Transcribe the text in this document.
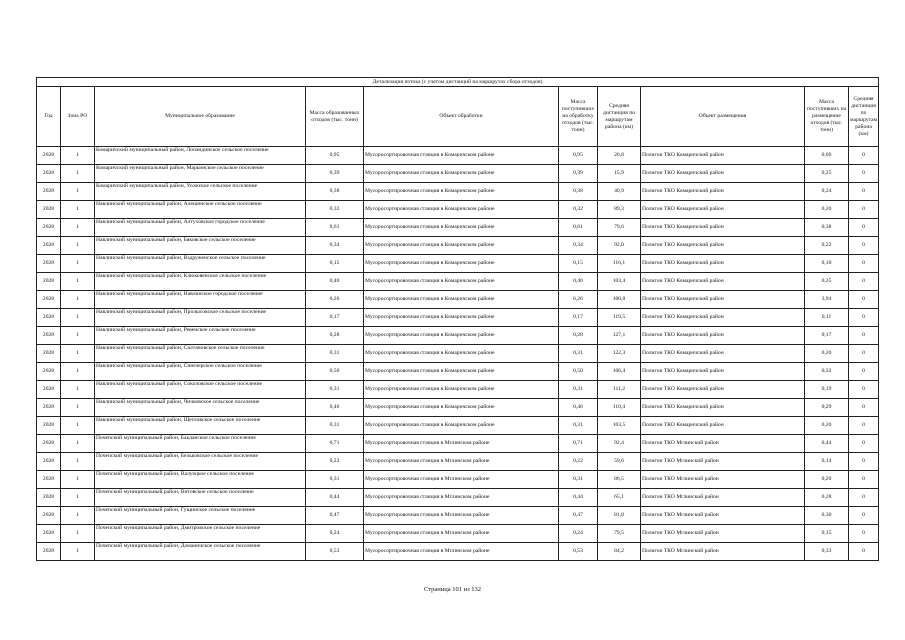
Детализация потока (с учетом дистанций на маршрутах сбора отходов)									
Год	Зона РО	Муниципальное образование	Масса образованных отходов (тыс. тонн)	Объект обработки	Масса поступивших на обработку отходов (тыс. тонн)	Средняя дистанция по маршрутам района (км)	Объект размещения	Масса поступивших на размещение отходов (тыс. тонн)	Средняя дистанция по маршрутам района (км)
2028	1	Комаричский муниципальный район, Лопандинское сельское поселение	0,95	Мусоросортировочная станция в Комаричском районе	0,95	26,8	Полигон ТКО Комаричский район	0,60	0
2028	1	Комаричский муниципальный район, Марьинское сельское поселение	0,39	Мусоросортировочная станция в Комаричском районе	0,39	15,9	Полигон ТКО Комаричский район	0,25	0
2028	1	Комаричский муниципальный район, Усожское сельское поселение	0,38	Мусоросортировочная станция в Комаричском районе	0,38	40,9	Полигон ТКО Комаричский район	0,24	0
2028	1	Навлинский муниципальный район, Алешинское сельское поселение	0,32	Мусоросортировочная станция в Комаричском районе	0,32	89,3	Полигон ТКО Комаричский район	0,20	0
2028	1	Навлинский муниципальный район, Алтуховское городское поселение	0,61	Мусоросортировочная станция в Комаричском районе	0,61	79,6	Полигон ТКО Комаричский район	0,38	0
2028	1	Навлинский муниципальный район, Бяковское сельское поселение	0,34	Мусоросортировочная станция в Комаричском районе	0,34	92,0	Полигон ТКО Комаричский район	0,22	0
2028	1	Навлинский муниципальный район, Вздруженское сельское поселение	0,15	Мусоросортировочная станция в Комаричском районе	0,15	116,1	Полигон ТКО Комаричский район	0,10	0
2028	1	Навлинский муниципальный район, Клюковенское сельское поселение	0,40	Мусоросортировочная станция в Комаричском районе	0,40	103,4	Полигон ТКО Комаричский район	0,25	0
2028	1	Навлинский муниципальный район, Навлинское городское поселение	6,26	Мусоросортировочная станция в Комаричском районе	6,26	100,0	Полигон ТКО Комаричский район	3,94	0
2028	1	Навлинский муниципальный район, Пролысовское сельское поселение	0,17	Мусоросортировочная станция в Комаричском районе	0,17	119,5	Полигон ТКО Комаричский район	0,11	0
2028	1	Навлинский муниципальный район, Ревенское сельское поселение	0,28	Мусоросортировочная станция в Комаричском районе	0,28	127,1	Полигон ТКО Комаричский район	0,17	0
2028	1	Навлинский муниципальный район, Салтановское сельское поселение	0,31	Мусоросортировочная станция в Комаричском районе	0,31	122,3	Полигон ТКО Комаричский район	0,20	0
2028	1	Навлинский муниципальный район, Синезерское сельское поселение	0,50	Мусоросортировочная станция в Комаричском районе	0,50	106,4	Полигон ТКО Комаричский район	0,32	0
2028	1	Навлинский муниципальный район, Соколовское сельское поселение	0,31	Мусоросортировочная станция в Комаричском районе	0,31	111,2	Полигон ТКО Комаричский район	0,19	0
2028	1	Навлинский муниципальный район, Чичковское сельское поселение	0,46	Мусоросортировочная станция в Комаричском районе	0,46	110,4	Полигон ТКО Комаричский район	0,29	0
2028	1	Навлинский муниципальный район, Щегловское сельское поселение	0,31	Мусоросортировочная станция в Комаричском районе	0,31	103,5	Полигон ТКО Комаричский район	0,20	0
2028	1	Почепский муниципальный район, Бакланское сельское поселение	0,71	Мусоросортировочная станция в Мглинском районе	0,71	92,4	Полигон ТКО Мглинский район	0,44	0
2028	1	Почепский муниципальный район, Бельковское сельское поселение	0,22	Мусоросортировочная станция в Мглинском районе	0,22	59,6	Полигон ТКО Мглинский район	0,14	0
2028	1	Почепский муниципальный район, Валуецкое сельское поселение	0,31	Мусоросортировочная станция в Мглинском районе	0,31	86,5	Полигон ТКО Мглинский район	0,20	0
2028	1	Почепский муниципальный район, Витовское сельское поселение	0,44	Мусоросортировочная станция в Мглинском районе	0,44	65,1	Полигон ТКО Мглинский район	0,28	0
2028	1	Почепский муниципальный район, Гущинское сельское поселение	0,47	Мусоросортировочная станция в Мглинском районе	0,47	81,8	Полигон ТКО Мглинский район	0,30	0
2028	1	Почепский муниципальный район, Дмитровское сельское поселение	0,24	Мусоросортировочная станция в Мглинском районе	0,24	79,5	Полигон ТКО Мглинский район	0,15	0
2028	1	Почепский муниципальный район, Доманичское сельское поселение	0,53	Мусоросортировочная станция в Мглинском районе	0,53	84,2	Полигон ТКО Мглинский район	0,33	0
Страница 101 из 132
